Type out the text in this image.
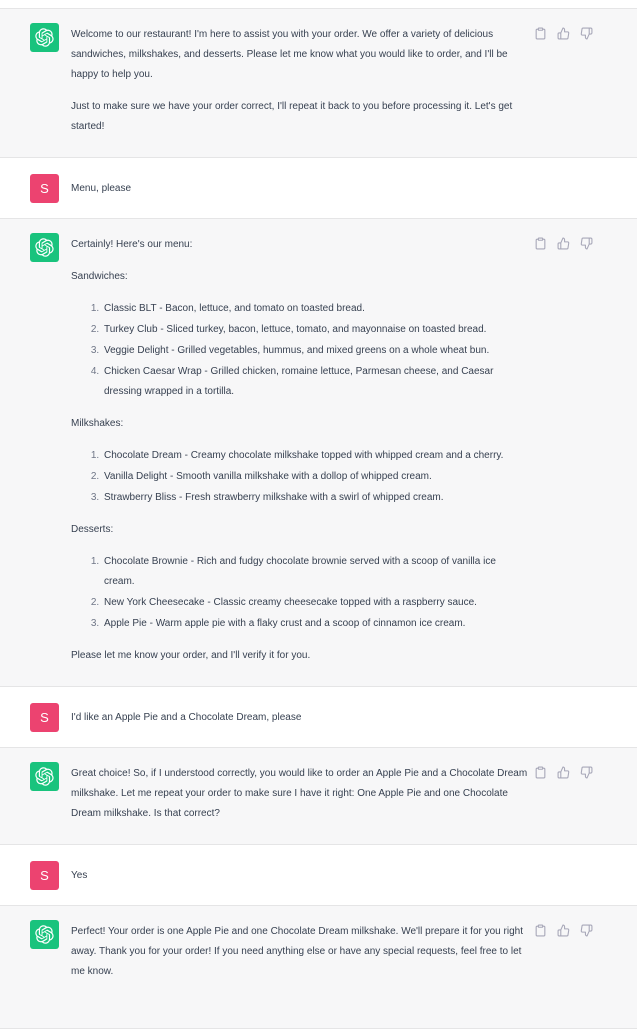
Welcome to our restaurant! I'm here to assist you with your order. We offer a variety of delicious sandwiches, milkshakes, and desserts. Please let me know what you would like to order, and I'll be happy to help you.

Just to make sure we have your order correct, I'll repeat it back to you before processing it. Let's get started!

S Menu, please

Certainly! Here's our menu:

Sandwiches:

1. Classic BLT - Bacon, lettuce, and tomato on toasted bread.
2. Turkey Club - Sliced turkey, bacon, lettuce, tomato, and mayonnaise on toasted bread.
3. Veggie Delight - Grilled vegetables, hummus, and mixed greens on a whole wheat bun.
4. Chicken Caesar Wrap - Grilled chicken, romaine lettuce, Parmesan cheese, and Caesar dressing wrapped in a tortilla.

Milkshakes:

1. Chocolate Dream - Creamy chocolate milkshake topped with whipped cream and a cherry.
2. Vanilla Delight - Smooth vanilla milkshake with a dollop of whipped cream.
3. Strawberry Bliss - Fresh strawberry milkshake with a swirl of whipped cream.

Desserts:

1. Chocolate Brownie - Rich and fudgy chocolate brownie served with a scoop of vanilla ice cream.
2. New York Cheesecake - Classic creamy cheesecake topped with a raspberry sauce.
3. Apple Pie - Warm apple pie with a flaky crust and a scoop of cinnamon ice cream.

Please let me know your order, and I'll verify it for you.

S I'd like an Apple Pie and a Chocolate Dream, please

Great choice! So, if I understood correctly, you would like to order an Apple Pie and a Chocolate Dream milkshake. Let me repeat your order to make sure I have it right: One Apple Pie and one Chocolate Dream milkshake. Is that correct?

S Yes

Perfect! Your order is one Apple Pie and one Chocolate Dream milkshake. We'll prepare it for you right away. Thank you for your order! If you need anything else or have any special requests, feel free to let me know.
